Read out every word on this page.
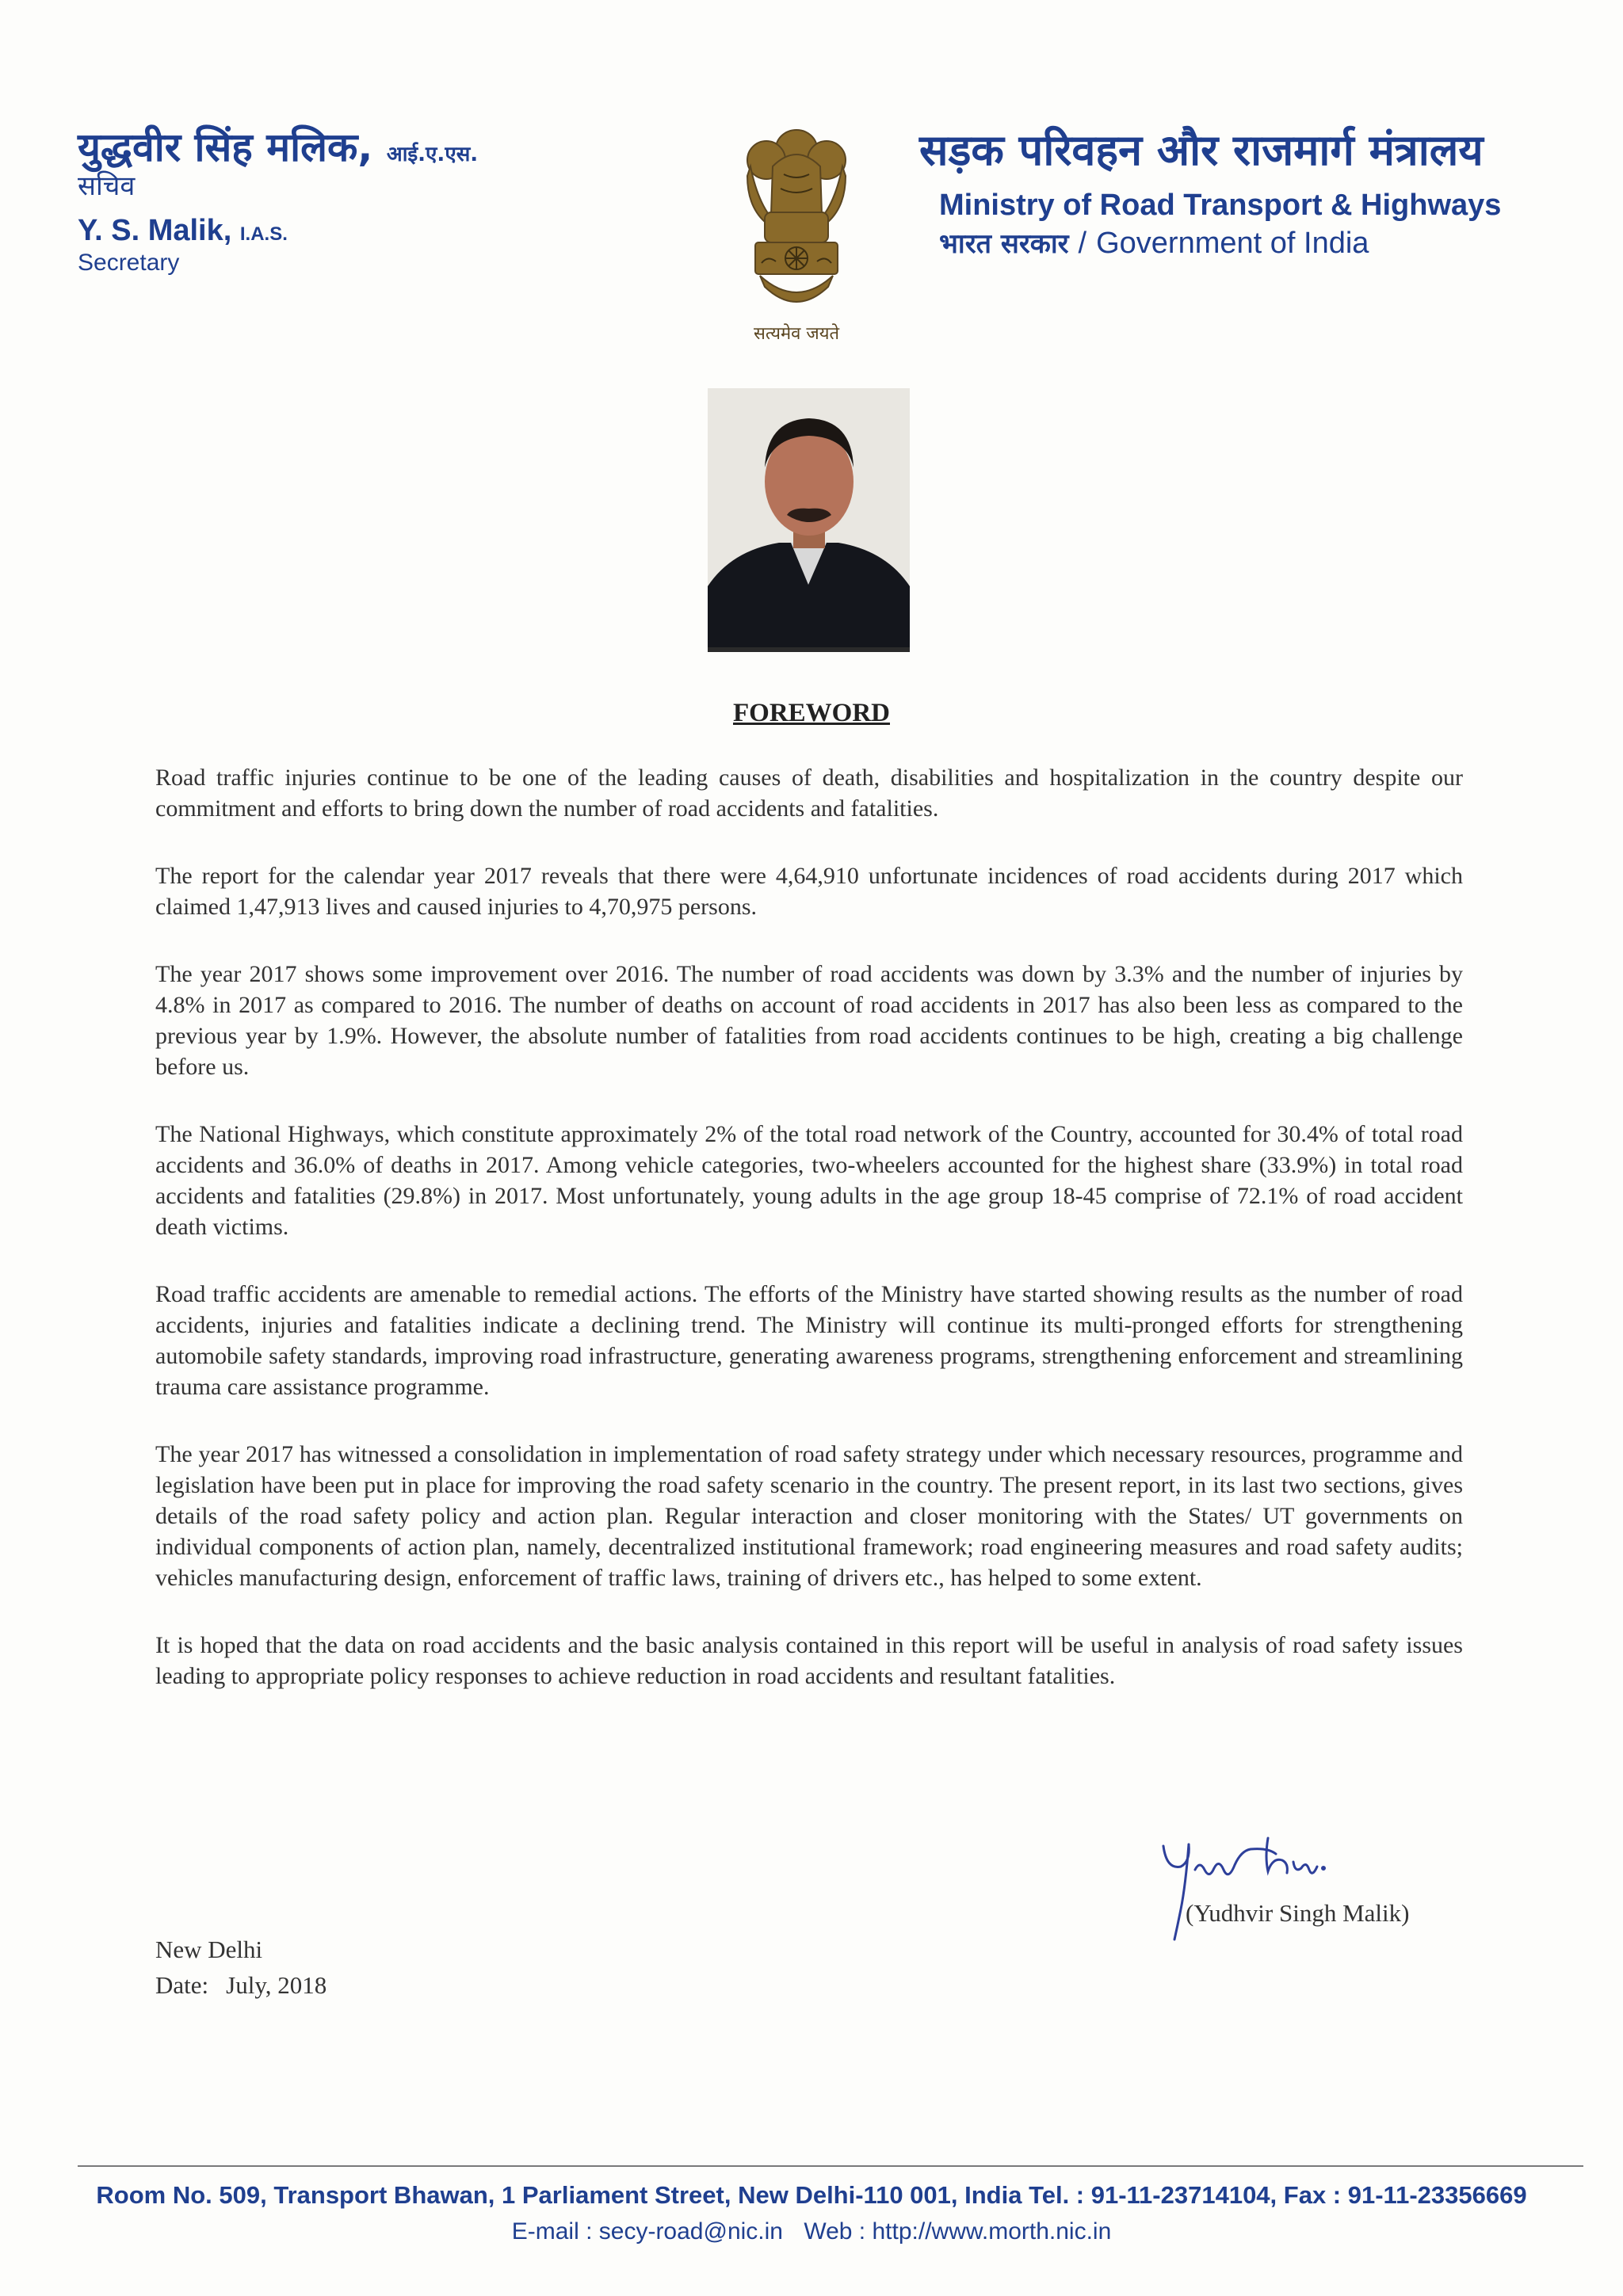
युद्धवीर सिंह मलिक, आई.ए.एस.
सचिव
Y. S. Malik, I.A.S.
Secretary
सत्यमेव जयते
सड़क परिवहन और राजमार्ग मंत्रालय
Ministry of Road Transport & Highways
भारत सरकार / Government of India
FOREWORD

Road traffic injuries continue to be one of the leading causes of death, disabilities and hospitalization in the country despite our commitment and efforts to bring down the number of road accidents and fatalities.

The report for the calendar year 2017 reveals that there were 4,64,910 unfortunate incidences of road accidents during 2017 which claimed 1,47,913 lives and caused injuries to 4,70,975 persons.

The year 2017 shows some improvement over 2016. The number of road accidents was down by 3.3% and the number of injuries by 4.8% in 2017 as compared to 2016. The number of deaths on account of road accidents in 2017 has also been less as compared to the previous year by 1.9%. However, the absolute number of fatalities from road accidents continues to be high, creating a big challenge before us.

The National Highways, which constitute approximately 2% of the total road network of the Country, accounted for 30.4% of total road accidents and 36.0% of deaths in 2017. Among vehicle categories, two-wheelers accounted for the highest share (33.9%) in total road accidents and fatalities (29.8%) in 2017. Most unfortunately, young adults in the age group 18-45 comprise of 72.1% of road accident death victims.

Road traffic accidents are amenable to remedial actions. The efforts of the Ministry have started showing results as the number of road accidents, injuries and fatalities indicate a declining trend. The Ministry will continue its multi-pronged efforts for strengthening automobile safety standards, improving road infrastructure, generating awareness programs, strengthening enforcement and streamlining trauma care assistance programme.

The year 2017 has witnessed a consolidation in implementation of road safety strategy under which necessary resources, programme and legislation have been put in place for improving the road safety scenario in the country. The present report, in its last two sections, gives details of the road safety policy and action plan. Regular interaction and closer monitoring with the States/ UT governments on individual components of action plan, namely, decentralized institutional framework; road engineering measures and road safety audits; vehicles manufacturing design, enforcement of traffic laws, training of drivers etc., has helped to some extent.

It is hoped that the data on road accidents and the basic analysis contained in this report will be useful in analysis of road safety issues leading to appropriate policy responses to achieve reduction in road accidents and resultant fatalities.

(Yudhvir Singh Malik)
New Delhi
Date: July, 2018
Room No. 509, Transport Bhawan, 1 Parliament Street, New Delhi-110 001, India Tel. : 91-11-23714104, Fax : 91-11-23356669
E-mail : secy-road@nic.in Web : http://www.morth.nic.in
